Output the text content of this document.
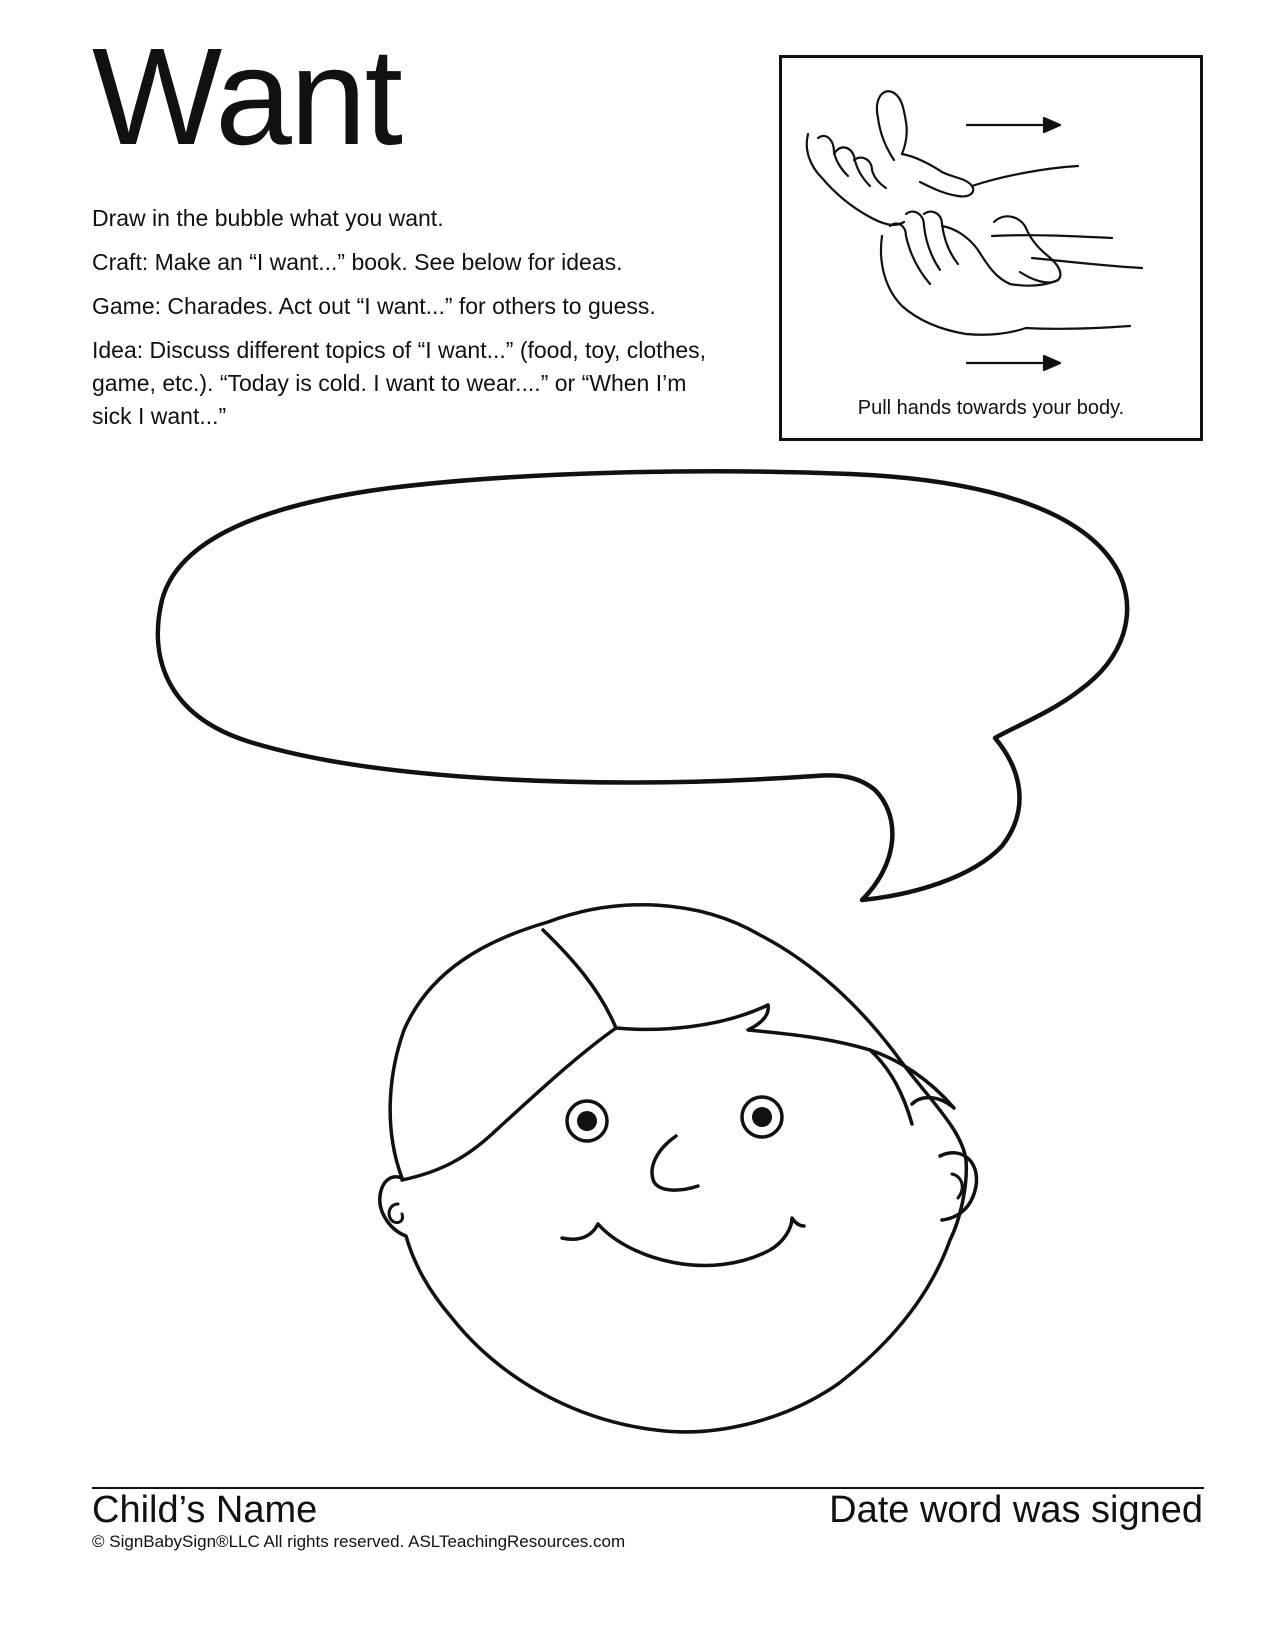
Want

Draw in the bubble what you want.

Craft: Make an “I want...” book. See below for ideas.

Game: Charades. Act out “I want...” for others to guess.

Idea: Discuss different topics of “I want...” (food, toy, clothes, game, etc.). “Today is cold. I want to wear....” or “When I’m sick I want...”	Pull hands towards your body.
Child’s Name	Date word was signed
© SignBabySign®LLC All rights reserved. ASLTeachingResources.com
